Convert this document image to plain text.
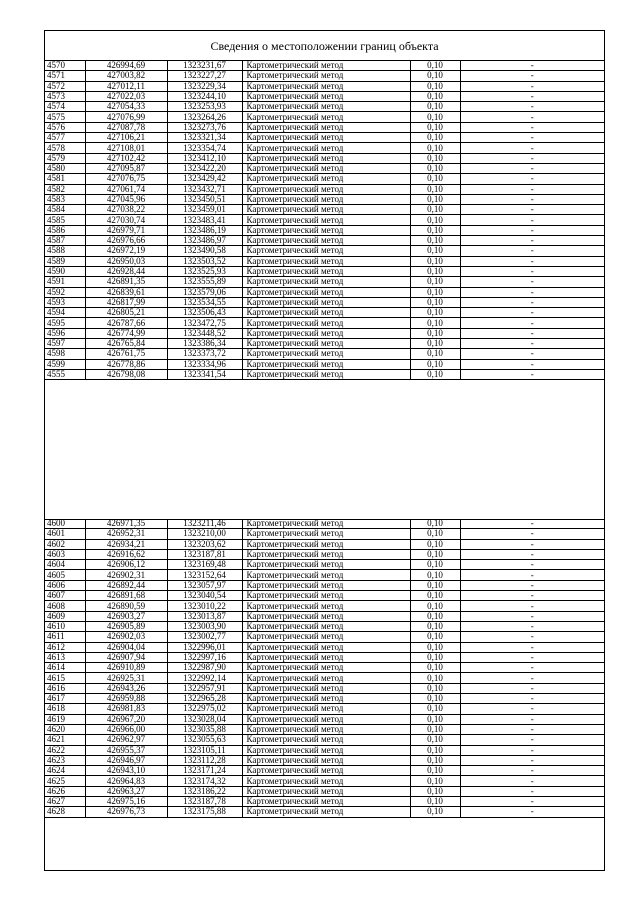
Сведения о местоположении границ объекта
4570	426994,69	1323231,67	Картометрический метод	0,10	-
4571	427003,82	1323227,27	Картометрический метод	0,10	-
4572	427012,11	1323229,34	Картометрический метод	0,10	-
4573	427022,03	1323244,10	Картометрический метод	0,10	-
4574	427054,33	1323253,93	Картометрический метод	0,10	-
4575	427076,99	1323264,26	Картометрический метод	0,10	-
4576	427087,78	1323273,76	Картометрический метод	0,10	-
4577	427106,21	1323321,34	Картометрический метод	0,10	-
4578	427108,01	1323354,74	Картометрический метод	0,10	-
4579	427102,42	1323412,10	Картометрический метод	0,10	-
4580	427095,87	1323422,20	Картометрический метод	0,10	-
4581	427076,75	1323429,42	Картометрический метод	0,10	-
4582	427061,74	1323432,71	Картометрический метод	0,10	-
4583	427045,96	1323450,51	Картометрический метод	0,10	-
4584	427038,22	1323459,01	Картометрический метод	0,10	-
4585	427030,74	1323483,41	Картометрический метод	0,10	-
4586	426979,71	1323486,19	Картометрический метод	0,10	-
4587	426976,66	1323486,97	Картометрический метод	0,10	-
4588	426972,19	1323490,58	Картометрический метод	0,10	-
4589	426950,03	1323503,52	Картометрический метод	0,10	-
4590	426928,44	1323525,93	Картометрический метод	0,10	-
4591	426891,35	1323555,89	Картометрический метод	0,10	-
4592	426839,61	1323579,06	Картометрический метод	0,10	-
4593	426817,99	1323534,55	Картометрический метод	0,10	-
4594	426805,21	1323506,43	Картометрический метод	0,10	-
4595	426787,66	1323472,75	Картометрический метод	0,10	-
4596	426774,99	1323448,52	Картометрический метод	0,10	-
4597	426765,84	1323386,34	Картометрический метод	0,10	-
4598	426761,75	1323373,72	Картометрический метод	0,10	-
4599	426778,86	1323334,96	Картометрический метод	0,10	-
4555	426798,08	1323341,54	Картометрический метод	0,10	-
4600	426971,35	1323211,46	Картометрический метод	0,10	-
4601	426952,31	1323210,00	Картометрический метод	0,10	-
4602	426934,21	1323203,62	Картометрический метод	0,10	-
4603	426916,62	1323187,81	Картометрический метод	0,10	-
4604	426906,12	1323169,48	Картометрический метод	0,10	-
4605	426902,31	1323152,64	Картометрический метод	0,10	-
4606	426892,44	1323057,97	Картометрический метод	0,10	-
4607	426891,68	1323040,54	Картометрический метод	0,10	-
4608	426890,59	1323010,22	Картометрический метод	0,10	-
4609	426903,27	1323013,87	Картометрический метод	0,10	-
4610	426905,89	1323003,90	Картометрический метод	0,10	-
4611	426902,03	1323002,77	Картометрический метод	0,10	-
4612	426904,04	1322996,01	Картометрический метод	0,10	-
4613	426907,94	1322997,16	Картометрический метод	0,10	-
4614	426910,89	1322987,90	Картометрический метод	0,10	-
4615	426925,31	1322992,14	Картометрический метод	0,10	-
4616	426943,26	1322957,91	Картометрический метод	0,10	-
4617	426959,88	1322965,28	Картометрический метод	0,10	-
4618	426981,83	1322975,02	Картометрический метод	0,10	-
4619	426967,20	1323028,04	Картометрический метод	0,10	-
4620	426966,00	1323035,88	Картометрический метод	0,10	-
4621	426962,97	1323055,63	Картометрический метод	0,10	-
4622	426955,37	1323105,11	Картометрический метод	0,10	-
4623	426946,97	1323112,28	Картометрический метод	0,10	-
4624	426943,10	1323171,24	Картометрический метод	0,10	-
4625	426964,83	1323174,32	Картометрический метод	0,10	-
4626	426963,27	1323186,22	Картометрический метод	0,10	-
4627	426975,16	1323187,78	Картометрический метод	0,10	-
4628	426976,73	1323175,88	Картометрический метод	0,10	-
